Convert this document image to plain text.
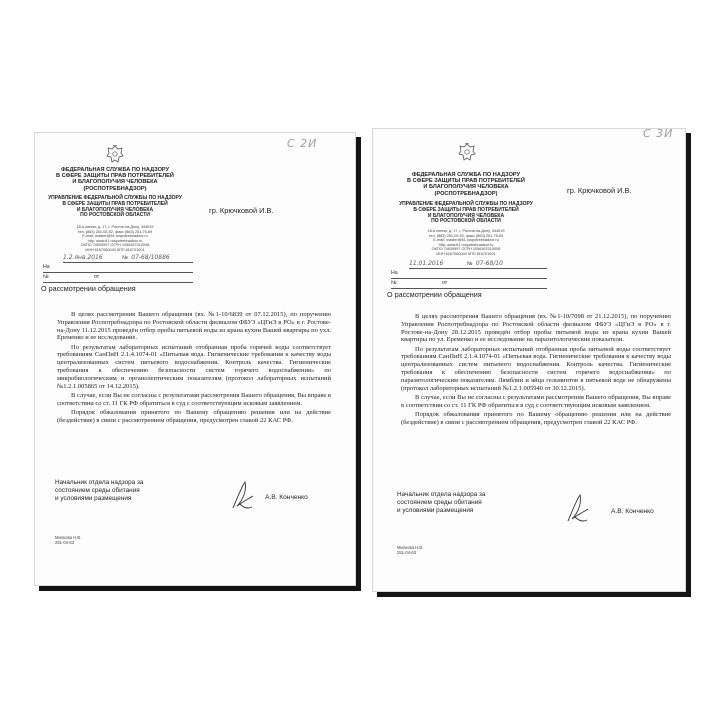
С 2И
ФЕДЕРАЛЬНАЯ СЛУЖБА ПО НАДЗОРУ
В СФЕРЕ ЗАЩИТЫ ПРАВ ПОТРЕБИТЕЛЕЙ
И БЛАГОПОЛУЧИЯ ЧЕЛОВЕКА
(РОСПОТРЕБНАДЗОР)
УПРАВЛЕНИЕ ФЕДЕРАЛЬНОЙ СЛУЖБЫ ПО НАДЗОРУ
В СФЕРЕ ЗАЩИТЫ ПРАВ ПОТРЕБИТЕЛЕЙ
И БЛАГОПОЛУЧИЯ ЧЕЛОВЕКА
ПО РОСТОВСКОЙ ОБЛАСТИ
18-я линия, д. 17, г. Ростов-на-Дону, 344019
тел. (863) 251-05-92, факс (863) 251-75-69
E-mail: master@61.rospotrebnadzor.ru
http: www.61.rospotrebnadzor.ru
ОКПО 74930997 ОГРН 1056167010008
ИНН 6167080043 КПП 616701001
гр. Крючковой И.В.
1.2.янв.2016	№ 07-68/10886
На
№	от
О рассмотрении обращения

В целях рассмотрения Вашего обращения (вх. №1-10/6839 от 07.12.2015), по поручению Управления Роспотребнадзора по Ростовской области филиалом ФБУЗ «ЦГиЭ в РО» в г. Ростове-на-Дону 11.12.2015 проведён отбор пробы питьевой воды из крана кухни Вашей квартиры по ухл. Еременко и ее исследование.

По результатам лабораторных испытаний отобранная проба горячей воды соответствует требованиям СанПиН 2.1.4.1074-01 «Питьевая вода. Гигиенические требования к качеству воды централизованных систем питьевого водоснабжения. Контроль качества. Гигиенические требования к обеспечению безопасности систем горячего водоснабжения» по микробиологическим и органолептическим показателям (протокол лабораторных испытаний №1.2.1.005865 от 14.12.2015).

В случае, если Вы не согласны с результатами рассмотрения Вашего обращения, Вы вправе в соответствии со ст. 11 ГК РФ обратиться в суд с соответствующим исковым заявлением.

Порядок обжалования принятого по Вашему обращению решения или на действие (бездействие) в связи с рассмотрением обращения, предусмотрен главой 22 КАС РФ.

Начальник отдела надзора за
состоянием среды обитания
и условиями размещения	А.В. Конченко
Милкова Н.В.
251-04-63
С 3И
ФЕДЕРАЛЬНАЯ СЛУЖБА ПО НАДЗОРУ
В СФЕРЕ ЗАЩИТЫ ПРАВ ПОТРЕБИТЕЛЕЙ
И БЛАГОПОЛУЧИЯ ЧЕЛОВЕКА
(РОСПОТРЕБНАДЗОР)
УПРАВЛЕНИЕ ФЕДЕРАЛЬНОЙ СЛУЖБЫ ПО НАДЗОРУ
В СФЕРЕ ЗАЩИТЫ ПРАВ ПОТРЕБИТЕЛЕЙ
И БЛАГОПОЛУЧИЯ ЧЕЛОВЕКА
ПО РОСТОВСКОЙ ОБЛАСТИ
18-я линия, д. 17, г. Ростов-на-Дону, 344019
тел. (863) 251-05-92, факс (863) 251-75-69
E-mail: master@61.rospotrebnadzor.ru
http: www.61.rospotrebnadzor.ru
ОКПО 74930997 ОГРН 1056167010008
ИНН 6167080043 КПП 616701001
гр. Крючковой И.В.
11.01.2016	№ 07-68/10
На
№	от
О рассмотрении обращения

В целях рассмотрения Вашего обращения (вх. №1-10/7098 от 21.12.2015), по поручению Управления Роспотребнадзора по Ростовской области филиалом ФБУЗ «ЦГиЭ в РО» в г. Ростове-на-Дону 28.12.2015 проведён отбор пробы питьевой воды из крана кухни Вашей квартиры по ул. Еременко и ее исследование на паразитологические показатели.

По результатам лабораторных испытаний отобранная проба питьевой воды соответствует требованиям СанПиН 2.1.4.1074-01 «Питьевая вода. Гигиенические требования к качеству воды централизованных систем питьевого водоснабжения. Контроль качества. Гигиенические требования к обеспечению безопасности систем горячего водоснабжения» по паразитологическим показателям. Лямблии и яйца гельминтов в питьевой воде не обнаружены (протокол лабораторных испытаний №1.2.1.005940 от 30.12.2015).

В случае, если Вы не согласны с результатами рассмотрения Вашего обращения, Вы вправе в соответствии со ст. 11 ГК РФ обратиться в суд с соответствующим исковым заявлением.

Порядок обжалования принятого по Вашему обращению решения или на действие (бездействие) в связи с рассмотрением обращения, предусмотрен главой 22 КАС РФ.

Начальник отдела надзора за
состоянием среды обитания
и условиями размещения	А.В. Конченко
Милкова Н.В.
251-04-63
